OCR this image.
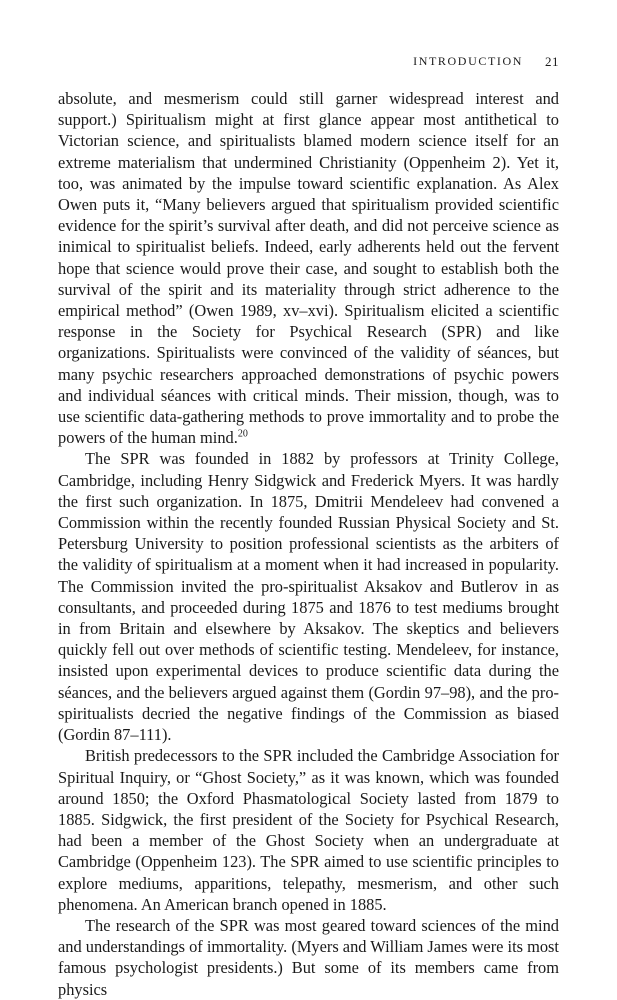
INTRODUCTION 21

absolute, and mesmerism could still garner widespread interest and support.) Spiritualism might at first glance appear most antithetical to Victorian science, and spiritualists blamed modern science itself for an extreme materialism that undermined Christianity (Oppenheim 2). Yet it, too, was animated by the impulse toward scientific explanation. As Alex Owen puts it, “Many believers argued that spiritualism provided scientific evidence for the spirit’s survival after death, and did not perceive science as inimical to spiritualist beliefs. Indeed, early adherents held out the fervent hope that science would prove their case, and sought to establish both the survival of the spirit and its materiality through strict adherence to the empirical method” (Owen 1989, xv–xvi). Spiritualism elicited a scientific response in the Society for Psychical Research (SPR) and like organizations. Spiritualists were convinced of the validity of séances, but many psychic researchers approached demonstrations of psychic powers and individual séances with critical minds. Their mission, though, was to use scientific data-gathering methods to prove immortality and to probe the powers of the human mind.$^{20}$

The SPR was founded in 1882 by professors at Trinity College, Cambridge, including Henry Sidgwick and Frederick Myers. It was hardly the first such organization. In 1875, Dmitrii Mendeleev had convened a Commission within the recently founded Russian Physical Society and St. Petersburg University to position professional scientists as the arbiters of the validity of spiritualism at a moment when it had increased in popularity. The Commission invited the pro-spiritualist Aksakov and Butlerov in as consultants, and proceeded during 1875 and 1876 to test mediums brought in from Britain and elsewhere by Aksakov. The skeptics and believers quickly fell out over methods of scientific testing. Mendeleev, for instance, insisted upon experimental devices to produce scientific data during the séances, and the believers argued against them (Gordin 97–98), and the pro-spiritualists decried the negative findings of the Commission as biased (Gordin 87–111).

British predecessors to the SPR included the Cambridge Association for Spiritual Inquiry, or “Ghost Society,” as it was known, which was founded around 1850; the Oxford Phasmatological Society lasted from 1879 to 1885. Sidgwick, the first president of the Society for Psychical Research, had been a member of the Ghost Society when an undergraduate at Cambridge (Oppenheim 123). The SPR aimed to use scientific principles to explore mediums, apparitions, telepathy, mesmerism, and other such phenomena. An American branch opened in 1885.

The research of the SPR was most geared toward sciences of the mind and understandings of immortality. (Myers and William James were its most famous psychologist presidents.) But some of its members came from physics
